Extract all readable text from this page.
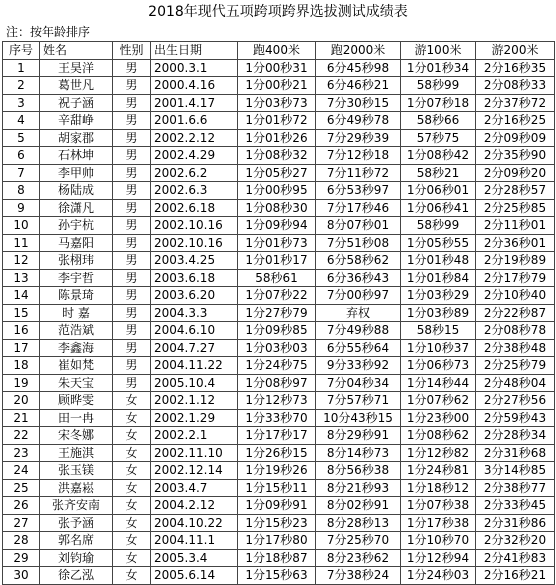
2018年现代五项跨项跨界选拔测试成绩表
注：按年龄排序
序号	姓名	性别	出生日期	跑400米	跑2000米	游100米	游200米
1	王昊洋	男	2000.3.1	1分00秒31	6分45秒98	1分01秒34	2分16秒35
2	葛世凡	男	2000.4.16	1分00秒21	6分46秒21	58秒99	2分08秒33
3	祝子涵	男	2001.4.17	1分03秒73	7分30秒15	1分07秒18	2分37秒72
4	辛甜峥	男	2001.6.6	1分01秒72	6分49秒78	58秒66	2分16秒25
5	胡家郡	男	2002.2.12	1分01秒26	7分29秒39	57秒75	2分09秒09
6	石林坤	男	2002.4.29	1分08秒32	7分12秒18	1分08秒42	2分35秒90
7	李甲帅	男	2002.6.2	1分05秒27	7分11秒72	58秒21	2分09秒20
8	杨陆成	男	2002.6.3	1分00秒95	6分53秒97	1分06秒01	2分28秒57
9	徐潇凡	男	2002.6.18	1分08秒30	7分17秒46	1分06秒41	2分25秒85
10	孙宇杭	男	2002.10.16	1分09秒94	8分07秒01	58秒99	2分11秒01
11	马嘉阳	男	2002.10.16	1分01秒73	7分51秒08	1分05秒55	2分36秒01
12	张栩玮	男	2003.4.25	1分01秒17	6分58秒62	1分01秒48	2分19秒89
13	李宇哲	男	2003.6.18	58秒61	6分36秒43	1分01秒84	2分17秒79
14	陈景琦	男	2003.6.20	1分07秒22	7分00秒97	1分03秒29	2分10秒40
15	时 嘉	男	2004.3.3	1分27秒79	弃权	1分03秒89	2分22秒87
16	范浩斌	男	2004.6.10	1分09秒85	7分49秒88	58秒15	2分08秒78
17	李鑫海	男	2004.7.27	1分03秒03	6分55秒64	1分10秒37	2分38秒48
18	崔如梵	男	2004.11.22	1分24秒75	9分33秒92	1分06秒73	2分25秒79
19	朱天宝	男	2005.10.4	1分08秒97	7分04秒34	1分14秒44	2分48秒04
20	顾晔雯	女	2002.1.12	1分12秒73	7分57秒71	1分07秒62	2分27秒56
21	田一冉	女	2002.1.29	1分33秒70	10分43秒15	1分23秒00	2分59秒43
22	宋冬娜	女	2002.2.1	1分17秒17	8分29秒91	1分08秒62	2分28秒34
23	王施淇	女	2002.11.10	1分26秒15	8分14秒73	1分12秒82	2分31秒68
24	张玉镁	女	2002.12.14	1分19秒26	8分56秒38	1分24秒81	3分14秒85
25	洪嘉崧	女	2003.4.7	1分15秒11	8分21秒93	1分18秒12	2分38秒77
26	张齐安南	女	2004.2.12	1分09秒91	8分02秒91	1分07秒38	2分33秒45
27	张予涵	女	2004.10.22	1分15秒23	8分28秒13	1分17秒38	2分31秒86
28	郭名席	女	2004.11.1	1分17秒80	7分25秒70	1分10秒70	2分32秒20
29	刘钧瑜	女	2005.3.4	1分18秒87	8分23秒62	1分12秒94	2分41秒83
30	徐乙泓	女	2005.6.14	1分15秒63	7分38秒24	1分24秒03	2分16秒21
